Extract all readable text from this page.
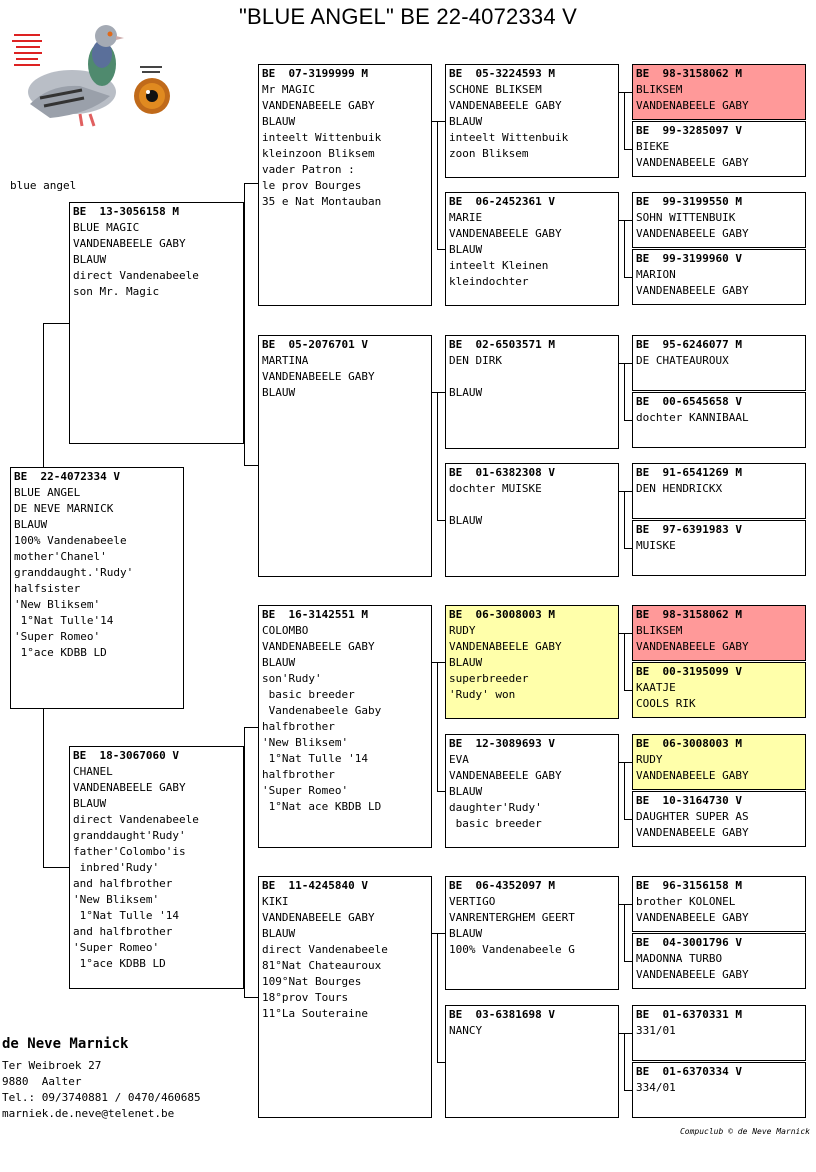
"BLUE ANGEL" BE 22-4072334 V
blue angel
BE  22-4072334 V
BLUE ANGEL
DE NEVE MARNICK
BLAUW
100% Vandenabeele
mother'Chanel'
granddaught.'Rudy'
halfsister
'New Bliksem'
1°Nat Tulle'14
'Super Romeo'
1°ace KDBB LD
BE  13-3056158 M
BLUE MAGIC
VANDENABEELE GABY
BLAUW
direct Vandenabeele
son Mr. Magic
BE  18-3067060 V
CHANEL
VANDENABEELE GABY
BLAUW
direct Vandenabeele
granddaught'Rudy'
father'Colombo'is
inbred'Rudy'
and halfbrother
'New Bliksem'
1°Nat Tulle '14
and halfbrother
'Super Romeo'
1°ace KDBB LD
BE  07-3199999 M
Mr MAGIC
VANDENABEELE GABY
BLAUW
inteelt Wittenbuik
kleinzoon Bliksem
vader Patron :
le prov Bourges
35 e Nat Montauban
BE  05-2076701 V
MARTINA
VANDENABEELE GABY
BLAUW
BE  16-3142551 M
COLOMBO
VANDENABEELE GABY
BLAUW
son'Rudy'
basic breeder
Vandenabeele Gaby
halfbrother
'New Bliksem'
1°Nat Tulle '14
halfbrother
'Super Romeo'
1°Nat ace KBDB LD
BE  11-4245840 V
KIKI
VANDENABEELE GABY
BLAUW
direct Vandenabeele
81°Nat Chateauroux
109°Nat Bourges
18°prov Tours
11°La Souteraine
BE  05-3224593 M
SCHONE BLIKSEM
VANDENABEELE GABY
BLAUW
inteelt Wittenbuik
zoon Bliksem
BE  06-2452361 V
MARIE
VANDENABEELE GABY
BLAUW
inteelt Kleinen
kleindochter
BE  02-6503571 M
DEN DIRK
BLAUW
BE  01-6382308 V
dochter MUISKE
BLAUW
BE  06-3008003 M
RUDY
VANDENABEELE GABY
BLAUW
superbreeder
'Rudy' won
BE  12-3089693 V
EVA
VANDENABEELE GABY
BLAUW
daughter'Rudy'
basic breeder
BE  06-4352097 M
VERTIGO
VANRENTERGHEM GEERT
BLAUW
100% Vandenabeele G
BE  03-6381698 V
NANCY
BE  98-3158062 M
BLIKSEM
VANDENABEELE GABY
BE  99-3285097 V
BIEKE
VANDENABEELE GABY
BE  99-3199550 M
SOHN WITTENBUIK
VANDENABEELE GABY
BE  99-3199960 V
MARION
VANDENABEELE GABY
BE  95-6246077 M
DE CHATEAUROUX
BE  00-6545658 V
dochter KANNIBAAL
BE  91-6541269 M
DEN HENDRICKX
BE  97-6391983 V
MUISKE
BE  98-3158062 M
BLIKSEM
VANDENABEELE GABY
BE  00-3195099 V
KAATJE
COOLS RIK
BE  06-3008003 M
RUDY
VANDENABEELE GABY
BE  10-3164730 V
DAUGHTER SUPER AS
VANDENABEELE GABY
BE  96-3156158 M
brother KOLONEL
VANDENABEELE GABY
BE  04-3001796 V
MADONNA TURBO
VANDENABEELE GABY
BE  01-6370331 M
331/01
BE  01-6370334 V
334/01
de Neve Marnick
Ter Weibroek 27
9880  Aalter
Tel.: 09/3740881 / 0470/460685
marniek.de.neve@telenet.be
Compuclub © de Neve Marnick
